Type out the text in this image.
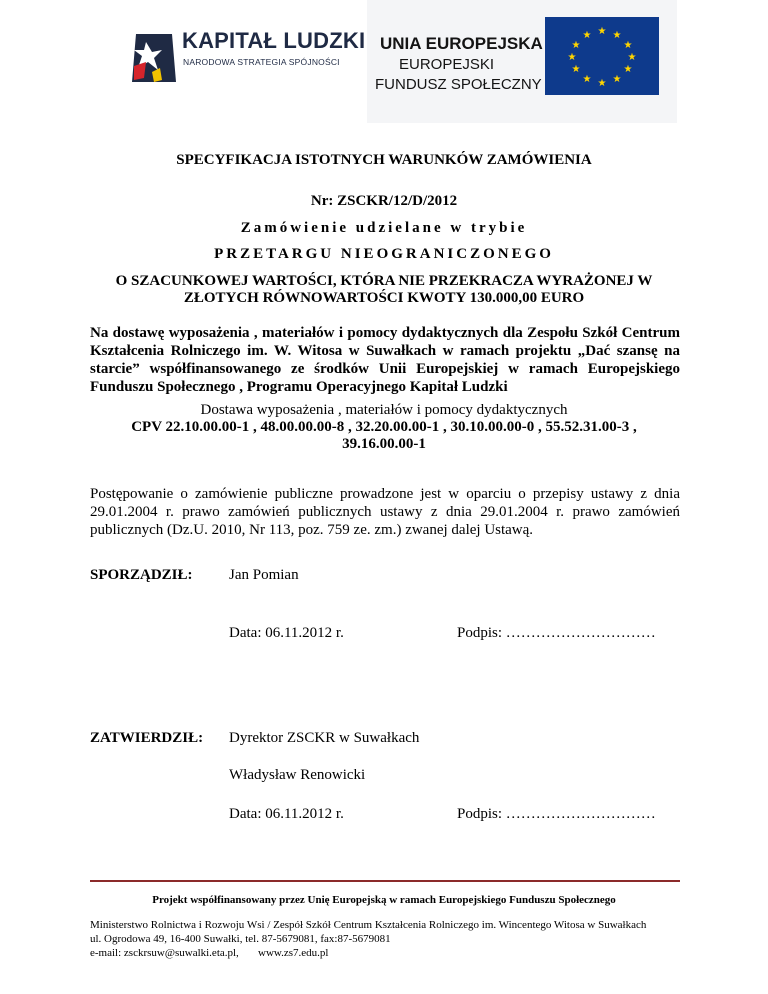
KAPITAŁ LUDZKI
NARODOWA STRATEGIA SPÓJNOŚCI
UNIA EUROPEJSKA
EUROPEJSKI
FUNDUSZ SPOŁECZNY
★ ★
★
★
★
★
★
★
★
★
★
★
SPECYFIKACJA ISTOTNYCH WARUNKÓW ZAMÓWIENIA
Nr: ZSCKR/12/D/2012
Zamówienie udzielane w trybie
PRZETARGU NIEOGRANICZONEGO
O SZACUNKOWEJ WARTOŚCI, KTÓRA NIE PRZEKRACZA WYRAŻONEJ W
ZŁOTYCH RÓWNOWARTOŚCI KWOTY 130.000,00 EURO
Na dostawę wyposażenia , materiałów i pomocy dydaktycznych dla Zespołu Szkół Centrum Kształcenia Rolniczego im. W. Witosa w Suwałkach w ramach projektu „Dać szansę na starcie” współfinansowanego ze środków Unii Europejskiej w ramach Europejskiego Funduszu Społecznego , Programu Operacyjnego Kapitał Ludzki
Dostawa wyposażenia , materiałów i pomocy dydaktycznych
CPV 22.10.00.00-1 , 48.00.00.00-8 , 32.20.00.00-1 , 30.10.00.00-0 , 55.52.31.00-3 ,
39.16.00.00-1
Postępowanie o zamówienie publiczne prowadzone jest w oparciu o przepisy ustawy z dnia 29.01.2004 r. prawo zamówień publicznych ustawy z dnia 29.01.2004 r. prawo zamówień publicznych (Dz.U. 2010, Nr 113, poz. 759 ze. zm.) zwanej dalej Ustawą.
SPORZĄDZIŁ: Jan Pomian
Data: 06.11.2012 r.	Podpis: …………………………
ZATWIERDZIŁ: Dyrektor ZSCKR w Suwałkach
Władysław Renowicki
Data: 06.11.2012 r.	Podpis: …………………………
Projekt współfinansowany przez Unię Europejską w ramach Europejskiego Funduszu Społecznego
Ministerstwo Rolnictwa i Rozwoju Wsi / Zespół Szkół Centrum Kształcenia Rolniczego im. Wincentego Witosa w Suwałkach
ul. Ogrodowa 49, 16-400 Suwałki, tel. 87-5679081, fax:87-5679081
e-mail: zsckrsuw@suwalki.eta.pl, www.zs7.edu.pl
